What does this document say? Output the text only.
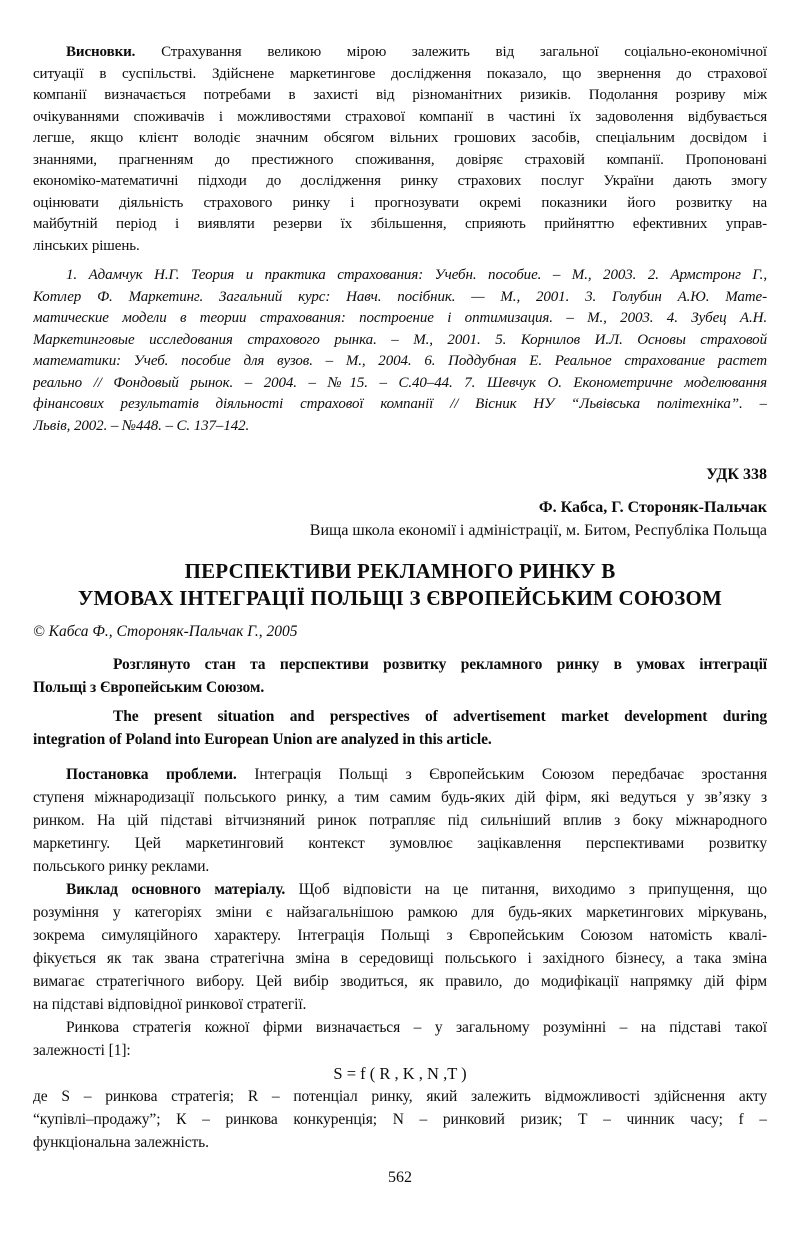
Висновки. Страхування великою мірою залежить від загальної соціально-економічної
ситуації в суспільстві. Здійснене маркетингове дослідження показало, що звернення до страхової
компанії визначається потребами в захисті від різноманітних ризиків. Подолання розриву між
очікуваннями споживачів і можливостями страхової компанії в частині їх задоволення відбувається
легше, якщо клієнт володіє значним обсягом вільних грошових засобів, спеціальним досвідом і
знаннями, прагненням до престижного споживання, довіряє страховій компанії. Пропоновані
економіко-математичні підходи до дослідження ринку страхових послуг України дають змогу
оцінювати діяльність страхового ринку і прогнозувати окремі показники його розвитку на
майбутній період і виявляти резерви їх збільшення, сприяють прийняттю ефективних управ-
лінських рішень.
1. Адамчук Н.Г. Теория и практика страхования: Учебн. пособие. – М., 2003. 2. Армстронг Г.,
Котлер Ф. Маркетинг. Загальний курс: Навч. посібник. — М., 2001. 3. Голубин А.Ю. Мате-
матические модели в теории страхования: построение і оптимизация. – М., 2003. 4. Зубец А.Н.
Маркетинговые исследования страхового рынка. – М., 2001. 5. Корнилов И.Л. Основы страховой
математики: Учеб. пособие для вузов. – М., 2004. 6. Поддубная Е. Реальное страхование растет
реально // Фондовый рынок. – 2004. – №15. – С.40–44. 7. Шевчук О. Економетричне моделювання
фінансових результатів діяльності страхової компанії // Вісник НУ “Львівська політехніка”. –
Львів, 2002. – №448. – С. 137–142.
УДК 338
Ф. Кабса, Г. Стороняк-Пальчак
Вища школа економії і адміністрації, м. Битом, Республіка Польща
ПЕРСПЕКТИВИ РЕКЛАМНОГО РИНКУ В
УМОВАХ ІНТЕГРАЦІЇ ПОЛЬЩІ З ЄВРОПЕЙСЬКИМ СОЮЗОМ
© Кабса Ф., Стороняк-Пальчак Г., 2005
Розглянуто стан та перспективи розвитку рекламного ринку в умовах інтеграції
Польщі з Європейським Союзом.
The present situation and perspectives of advertisement market development during
integration of Poland into European Union are analyzed in this article.
Постановка проблеми. Інтеграція Польщі з Європейським Союзом передбачає зростання
ступеня міжнародизації польського ринку, а тим самим будь-яких дій фірм, які ведуться у зв’язку з
ринком. На цій підставі вітчизняний ринок потрапляє під сильніший вплив з боку міжнародного
маркетингу. Цей маркетинговий контекст зумовлює зацікавлення перспективами розвитку
польського ринку реклами.
Виклад основного матеріалу. Щоб відповісти на це питання, виходимо з припущення, що
розуміння у категоріях зміни є найзагальнішою рамкою для будь-яких маркетингових міркувань,
зокрема симуляційного характеру. Інтеграція Польщі з Європейським Союзом натомість квалі-
фікується як так звана стратегічна зміна в середовищі польського і західного бізнесу, а така зміна
вимагає стратегічного вибору. Цей вибір зводиться, як правило, до модифікації напрямку дій фірм
на підставі відповідної ринкової стратегії.
Ринкова стратегія кожної фірми визначається – у загальному розумінні – на підставі такої
залежності [1]:
S = f ( R , K , N ,T )
де S – ринкова стратегія; R – потенціал ринку, який залежить відможливості здійснення акту
“купівлі–продажу”; К – ринкова конкуренція; N – ринковий ризик; Т – чинник часу; f –
функціональна залежність.
562
